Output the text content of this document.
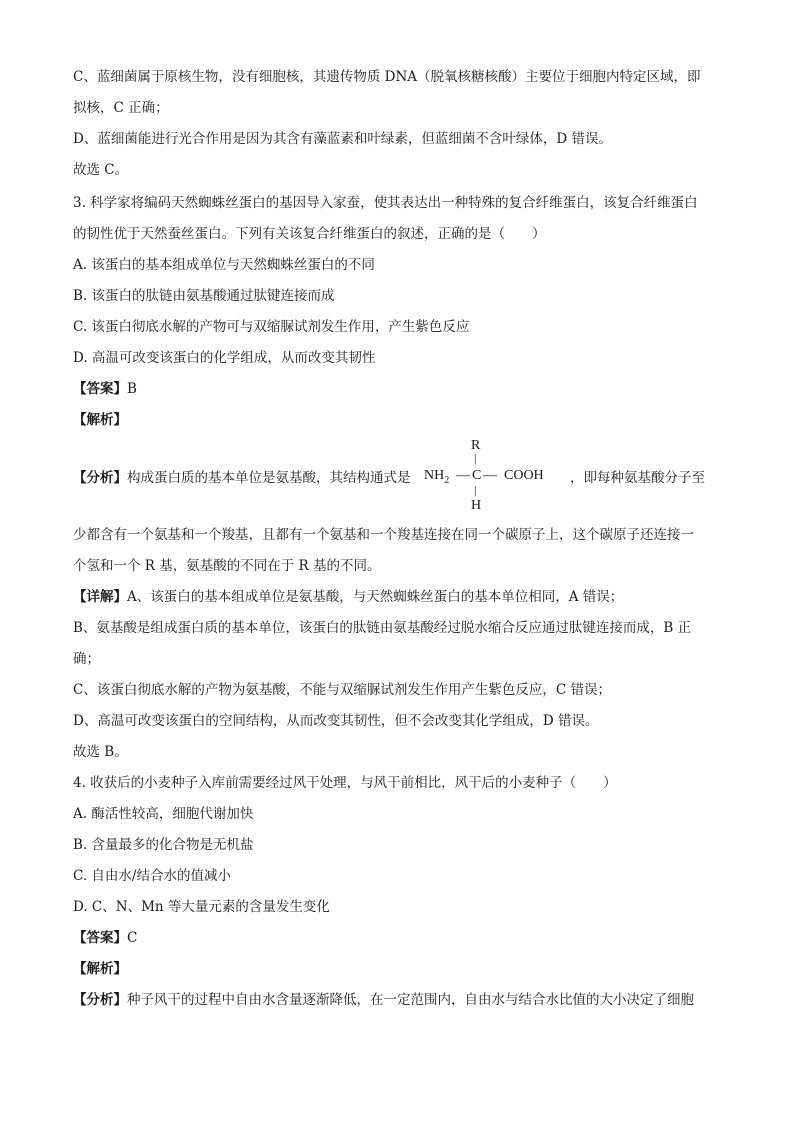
C、蓝细菌属于原核生物，没有细胞核，其遗传物质 DNA（脱氧核糖核酸）主要位于细胞内特定区域，即
拟核，C 正确；
D、蓝细菌能进行光合作用是因为其含有藻蓝素和叶绿素，但蓝细菌不含叶绿体，D 错误。
故选 C。
3. 科学家将编码天然蜘蛛丝蛋白的基因导入家蚕，使其表达出一种特殊的复合纤维蛋白，该复合纤维蛋白
的韧性优于天然蚕丝蛋白。下列有关该复合纤维蛋白的叙述，正确的是（　　）
A. 该蛋白的基本组成单位与天然蜘蛛丝蛋白的不同
B. 该蛋白的肽链由氨基酸通过肽键连接而成
C. 该蛋白彻底水解的产物可与双缩脲试剂发生作用，产生紫色反应
D. 高温可改变该蛋白的化学组成，从而改变其韧性
【答案】B
【解析】
【分析】构成蛋白质的基本单位是氨基酸，其结构通式是
R
|
$NH_2$ — C — COOH
|
H
，即每种氨基酸分子至
少都含有一个氨基和一个羧基，且都有一个氨基和一个羧基连接在同一个碳原子上，这个碳原子还连接一
个氢和一个 R 基，氨基酸的不同在于 R 基的不同。
【详解】A、该蛋白的基本组成单位是氨基酸，与天然蜘蛛丝蛋白的基本单位相同，A 错误；
B、氨基酸是组成蛋白质的基本单位，该蛋白的肽链由氨基酸经过脱水缩合反应通过肽键连接而成，B 正
确；
C、该蛋白彻底水解的产物为氨基酸，不能与双缩脲试剂发生作用产生紫色反应，C 错误；
D、高温可改变该蛋白的空间结构，从而改变其韧性，但不会改变其化学组成，D 错误。
故选 B。
4. 收获后的小麦种子入库前需要经过风干处理，与风干前相比，风干后的小麦种子（　　）
A. 酶活性较高，细胞代谢加快
B. 含量最多的化合物是无机盐
C. 自由水/结合水的值减小
D. C、N、Mn 等大量元素的含量发生变化
【答案】C
【解析】
【分析】种子风干的过程中自由水含量逐渐降低，在一定范围内，自由水与结合水比值的大小决定了细胞
